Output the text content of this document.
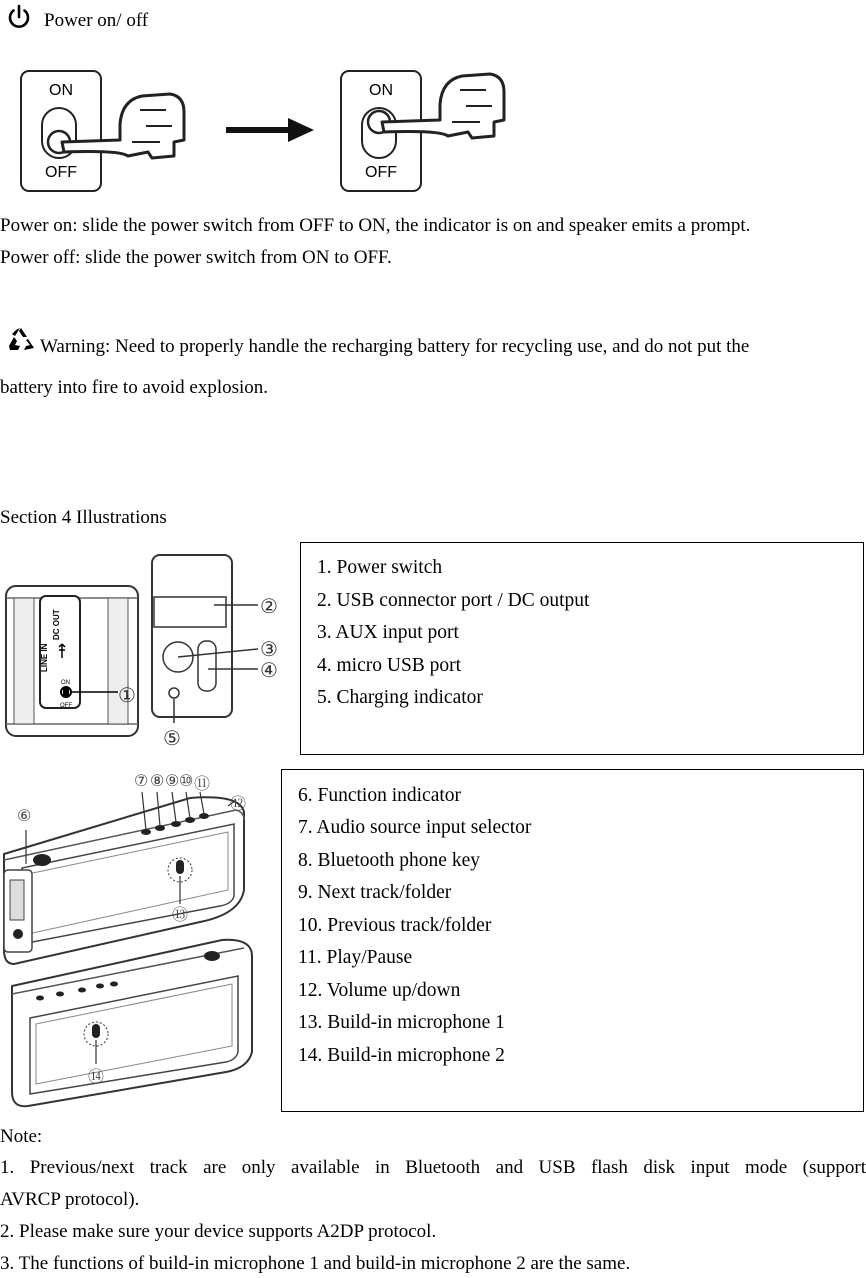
Power on/ off
ON
OFF
ON
OFF
Power on: slide the power switch from OFF to ON, the indicator is on and speaker emits a prompt.
Power off: slide the power switch from ON to OFF.
Warning: Need to properly handle the recharging battery for recycling use, and do not put the
battery into fire to avoid explosion.
Section 4 Illustrations
DC OUT
LINE IN
ON
OFF ①
②
③
④
⑤
1. Power switch
2. USB connector port / DC output
3. AUX input port
4. micro USB port
5. Charging indicator
⑥
⑦ ⑧ ⑨ ⑩ ⑪
⑫
⑬
⑭
6. Function indicator
7. Audio source input selector
8. Bluetooth phone key
9. Next track/folder
10. Previous track/folder
11. Play/Pause
12. Volume up/down
13. Build-in microphone 1
14. Build-in microphone 2
Note:
1. Previous/next track are only available in Bluetooth and USB flash disk input mode (support
AVRCP protocol).
2. Please make sure your device supports A2DP protocol.
3. The functions of build-in microphone 1 and build-in microphone 2 are the same.
